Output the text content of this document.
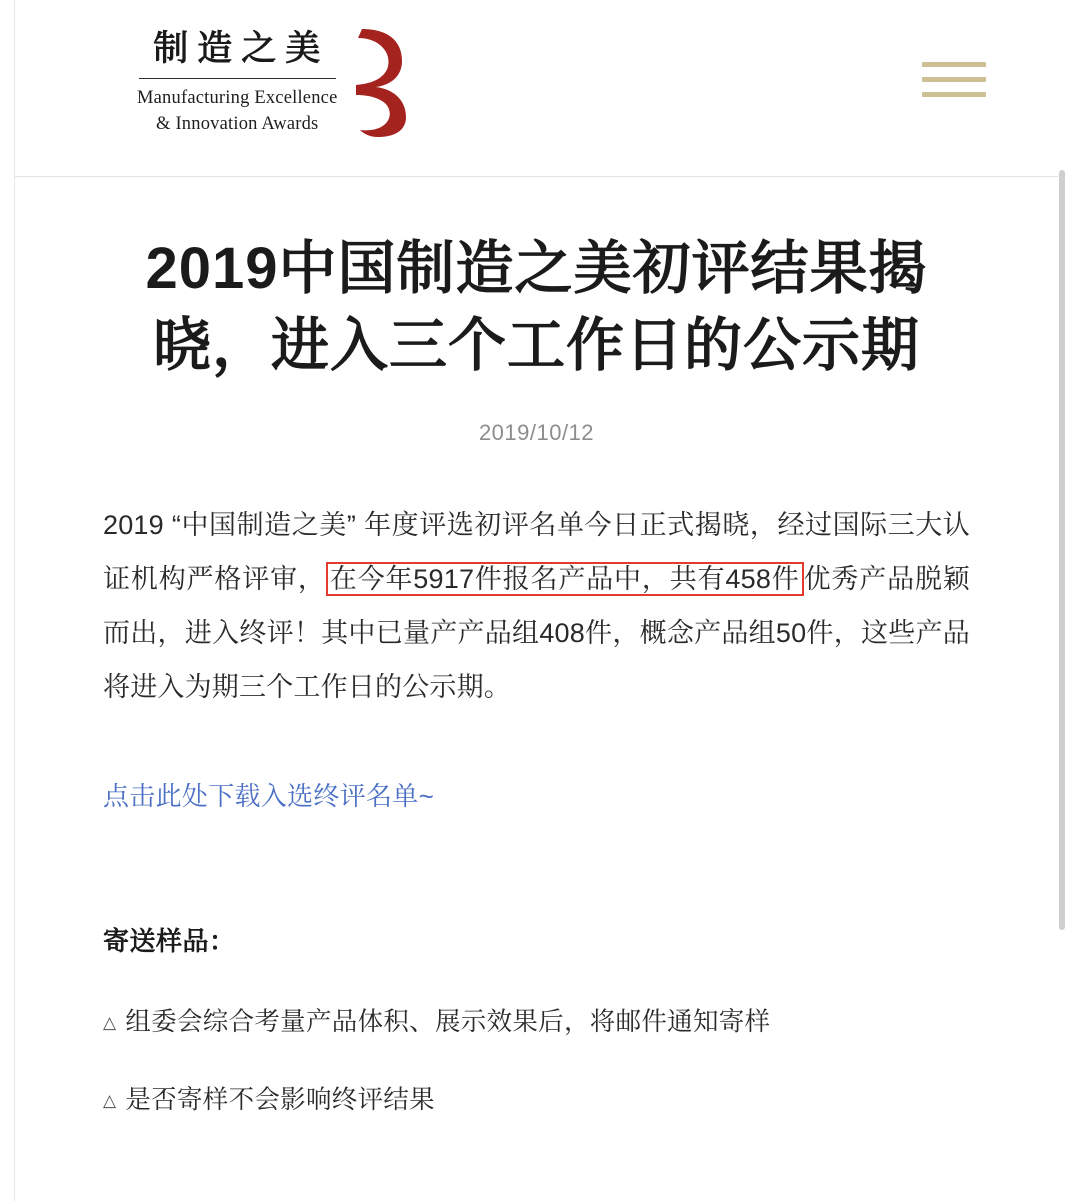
制造之美
Manufacturing Excellence
& Innovation Awards
2019中国制造之美初评结果揭晓，进入三个工作日的公示期
2019/10/12

2019 “中国制造之美” 年度评选初评名单今日正式揭晓，经过国际三大认证机构严格评审， 在今年5917件报名产品中，共有458件 优秀产品脱颖而出，进入终评！其中已量产产品组408件，概念产品组50件，这些产品将进入为期三个工作日的公示期。

点击此处下载入选终评名单~
寄送样品：
△ 组委会综合考量产品体积、展示效果后，将邮件通知寄样
△ 是否寄样不会影响终评结果
